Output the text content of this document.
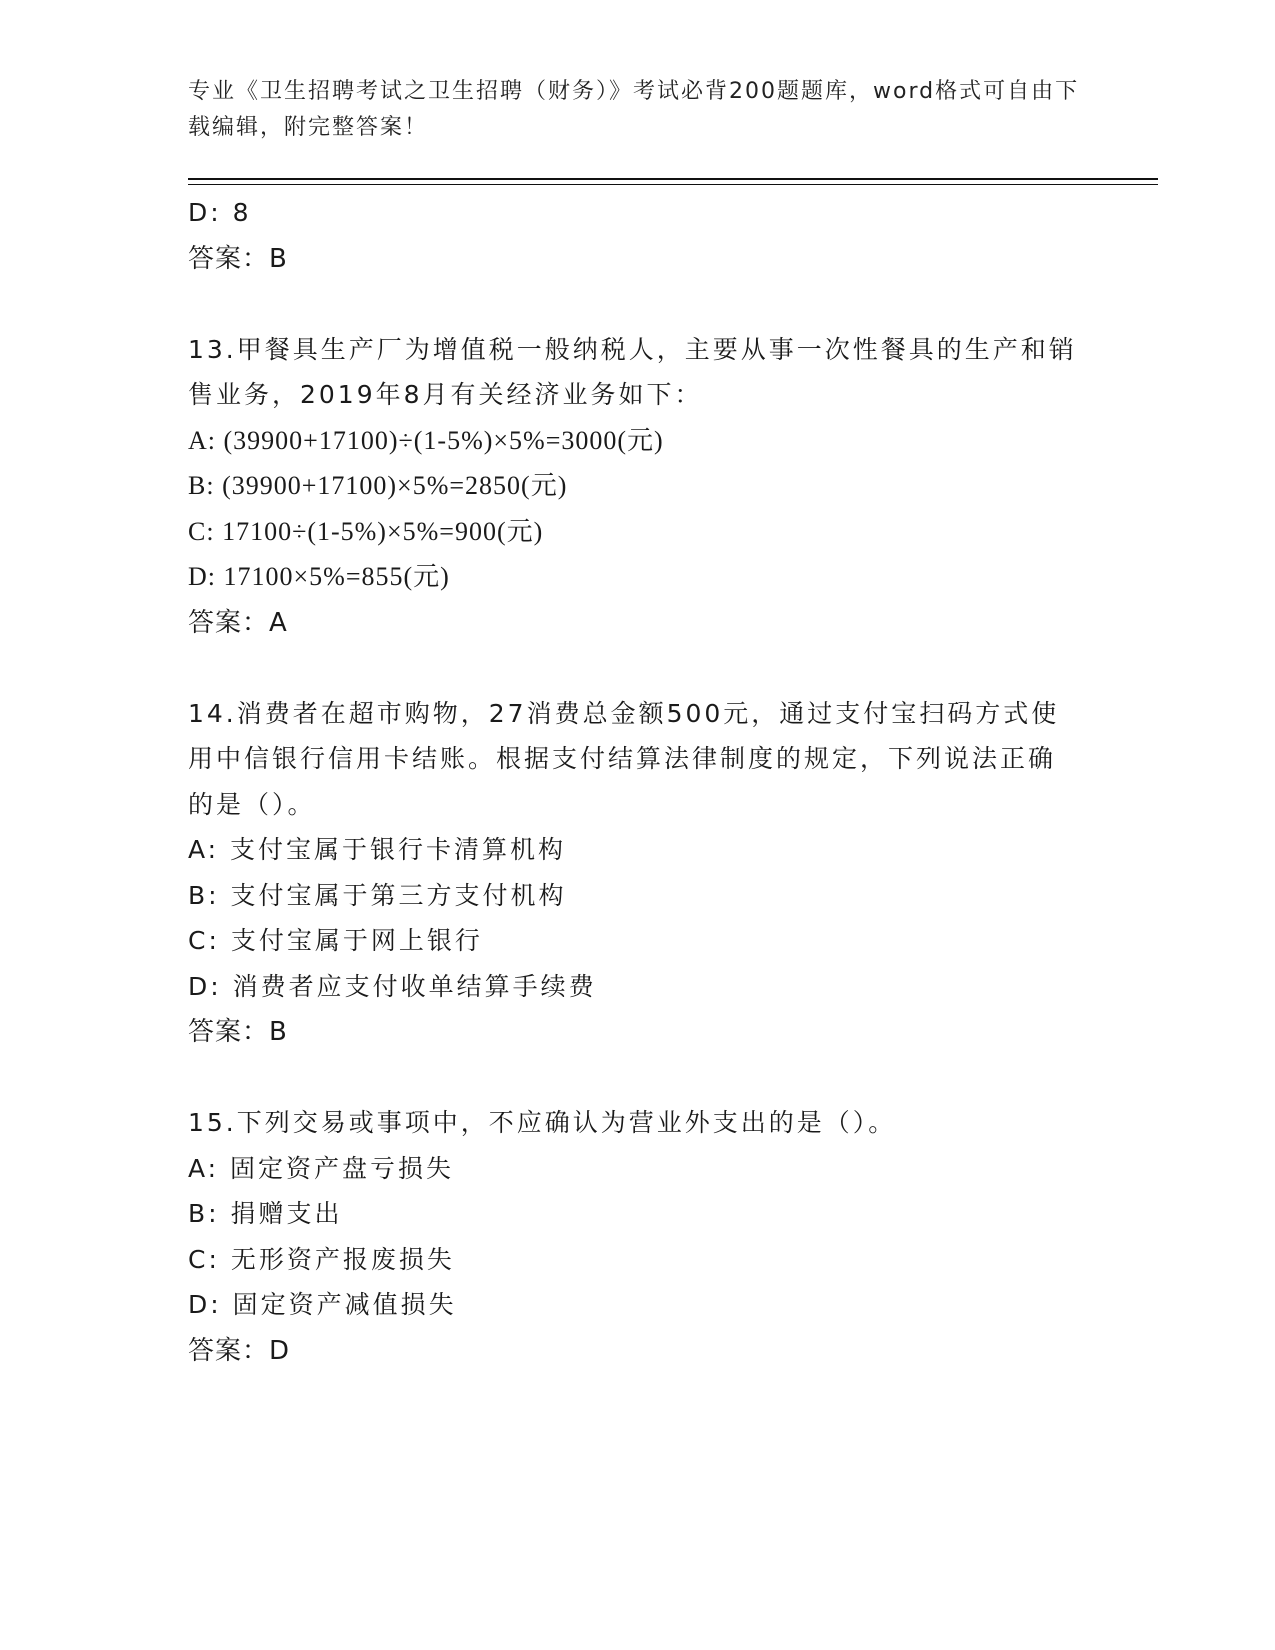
专业《卫生招聘考试之卫生招聘（财务）》考试必背200题题库，word格式可自由下载编辑，附完整答案！
D: 8
答案：B
13.甲餐具生产厂为增值税一般纳税人，主要从事一次性餐具的生产和销售业务，2019年8月有关经济业务如下：
A: (39900+17100)÷(1-5%)×5%=3000(元)
B: (39900+17100)×5%=2850(元)
C: 17100÷(1-5%)×5%=900(元)
D: 17100×5%=855(元)
答案：A
14.消费者在超市购物，27消费总金额500元，通过支付宝扫码方式使用中信银行信用卡结账。根据支付结算法律制度的规定，下列说法正确的是（）。
A: 支付宝属于银行卡清算机构
B: 支付宝属于第三方支付机构
C: 支付宝属于网上银行
D: 消费者应支付收单结算手续费
答案：B
15.下列交易或事项中，不应确认为营业外支出的是（）。
A: 固定资产盘亏损失
B: 捐赠支出
C: 无形资产报废损失
D: 固定资产减值损失
答案：D
